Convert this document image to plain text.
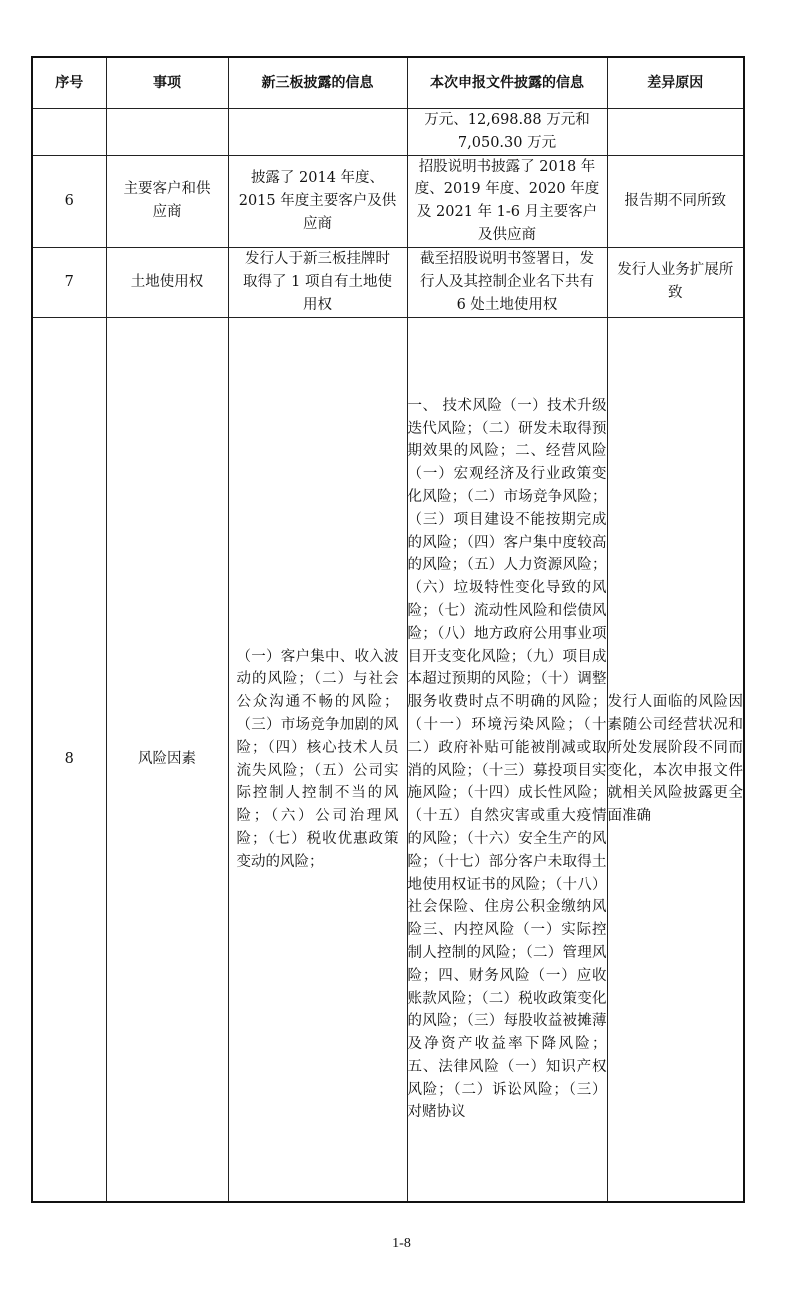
序号	事项	新三板披露的信息	本次申报文件披露的信息	差异原因
			万元、12,698.88 万元和 7,050.30 万元	
6	主要客户和供应商	披露了 2014 年度、2015 年度主要客户及供应商	招股说明书披露了 2018 年度、2019 年度、2020 年度及 2021 年 1-6 月主要客户及供应商	报告期不同所致
7	土地使用权	发行人于新三板挂牌时取得了 1 项自有土地使用权	截至招股说明书签署日，发行人及其控制企业名下共有 6 处土地使用权	发行人业务扩展所致
8	风险因素	（一）客户集中、收入波动的风险；（二）与社会公众沟通不畅的风险；（三）市场竞争加剧的风险；（四）核心技术人员流失风险；（五）公司实际控制人控制不当的风险；（六）公司治理风险；（七）税收优惠政策变动的风险；	一、 技术风险（一）技术升级迭代风险；（二）研发未取得预期效果的风险；二、经营风险（一）宏观经济及行业政策变化风险；（二）市场竞争风险；（三）项目建设不能按期完成的风险；（四）客户集中度较高的风险；（五）人力资源风险；（六）垃圾特性变化导致的风险；（七）流动性风险和偿债风险；（八）地方政府公用事业项目开支变化风险；（九）项目成本超过预期的风险；（十）调整服务收费时点不明确的风险；（十一）环境污染风险；（十二）政府补贴可能被削减或取消的风险；（十三）募投项目实施风险；（十四）成长性风险；（十五）自然灾害或重大疫情的风险；（十六）安全生产的风险；（十七）部分客户未取得土地使用权证书的风险；（十八）社会保险、住房公积金缴纳风险三、内控风险（一）实际控制人控制的风险；（二）管理风险；四、财务风险（一）应收账款风险；（二）税收政策变化的风险；（三）每股收益被摊薄及净资产收益率下降风险；五、法律风险（一）知识产权风险；（二）诉讼风险；（三）对赌协议	发行人面临的风险因素随公司经营状况和所处发展阶段不同而变化，本次申报文件就相关风险披露更全面准确
1-8
